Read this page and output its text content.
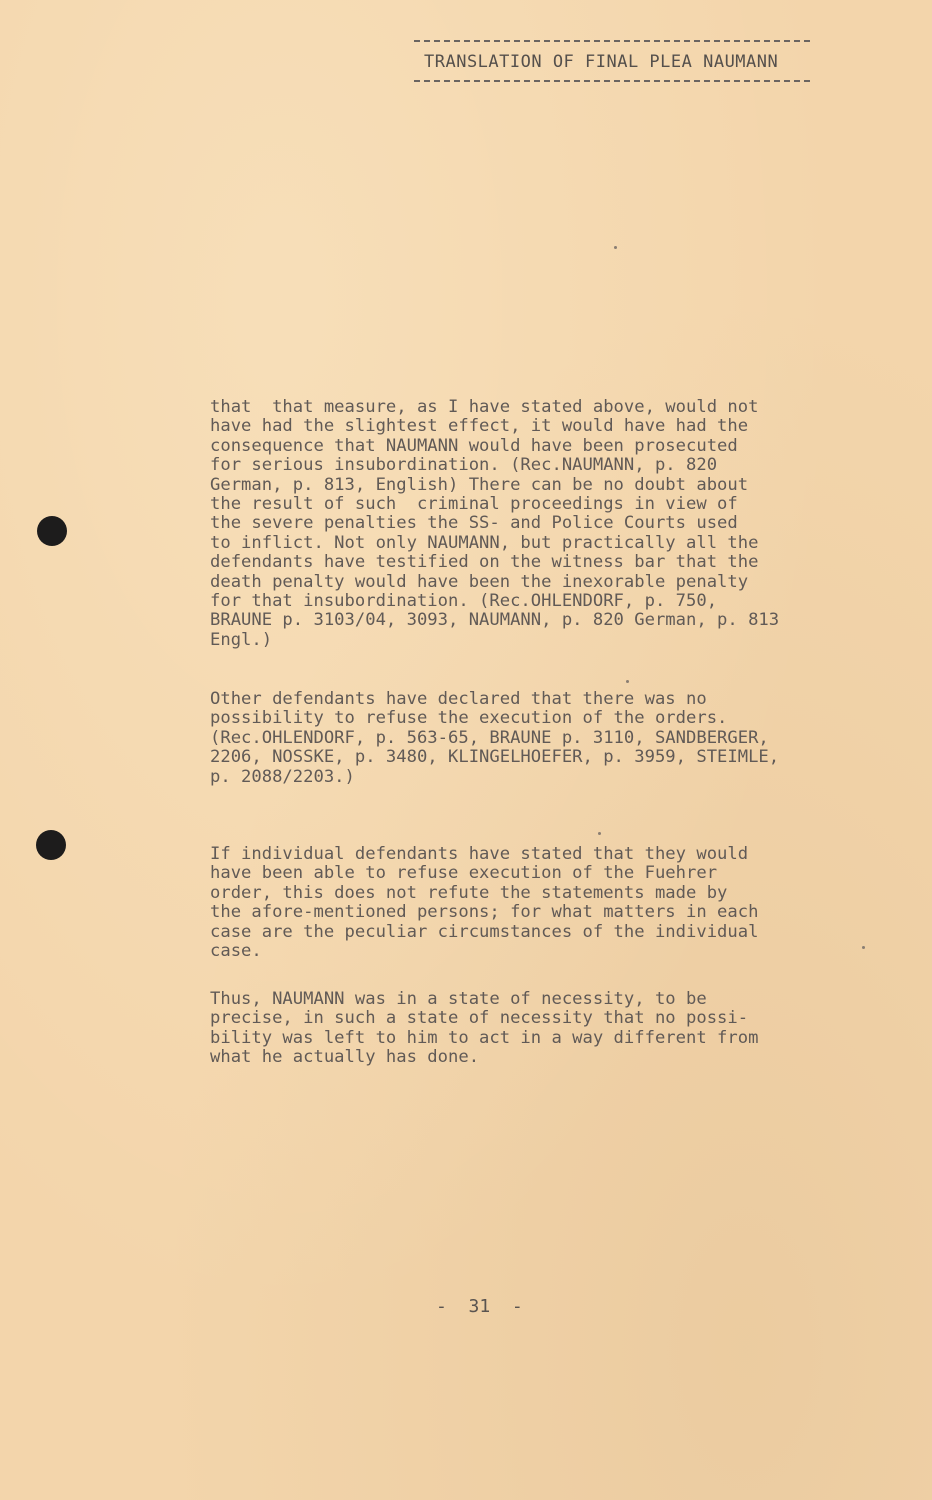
TRANSLATION OF FINAL PLEA NAUMANN
that  that measure, as I have stated above, would not
have had the slightest effect, it would have had the
consequence that NAUMANN would have been prosecuted
for serious insubordination. (Rec.NAUMANN, p. 820
German, p. 813, English) There can be no doubt about
the result of such  criminal proceedings in view of
the severe penalties the SS- and Police Courts used
to inflict. Not only NAUMANN, but practically all the
defendants have testified on the witness bar that the
death penalty would have been the inexorable penalty
for that insubordination. (Rec.OHLENDORF, p. 750,
BRAUNE p. 3103/04, 3093, NAUMANN, p. 820 German, p. 813
Engl.)
Other defendants have declared that there was no
possibility to refuse the execution of the orders.
(Rec.OHLENDORF, p. 563-65, BRAUNE p. 3110, SANDBERGER,
2206, NOSSKE, p. 3480, KLINGELHOEFER, p. 3959, STEIMLE,
p. 2088/2203.)
If individual defendants have stated that they would
have been able to refuse execution of the Fuehrer
order, this does not refute the statements made by
the afore-mentioned persons; for what matters in each
case are the peculiar circumstances of the individual
case.
Thus, NAUMANN was in a state of necessity, to be
precise, in such a state of necessity that no possi-
bility was left to him to act in a way different from
what he actually has done.
-  31  -
